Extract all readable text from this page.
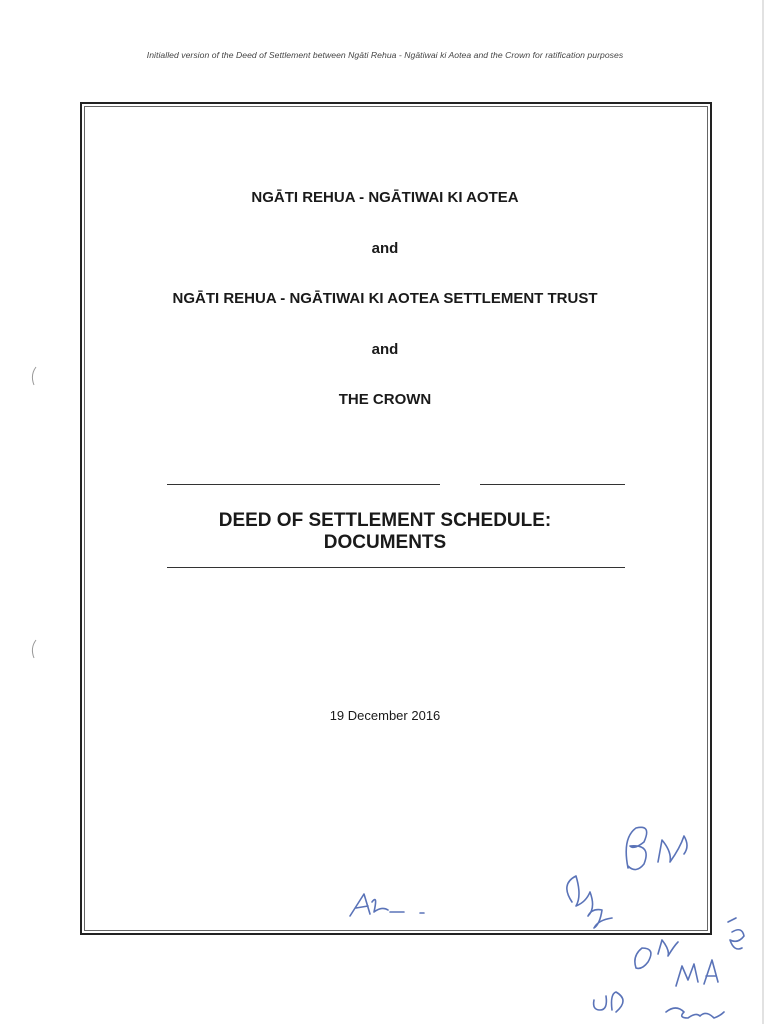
Initialled version of the Deed of Settlement between Ngāti Rehua - Ngātiwai ki Aotea and the Crown for ratification purposes
NGĀTI REHUA - NGĀTIWAI KI AOTEA
and
NGĀTI REHUA - NGĀTIWAI KI AOTEA SETTLEMENT TRUST
and
THE CROWN
DEED OF SETTLEMENT SCHEDULE:
DOCUMENTS
19 December 2016
